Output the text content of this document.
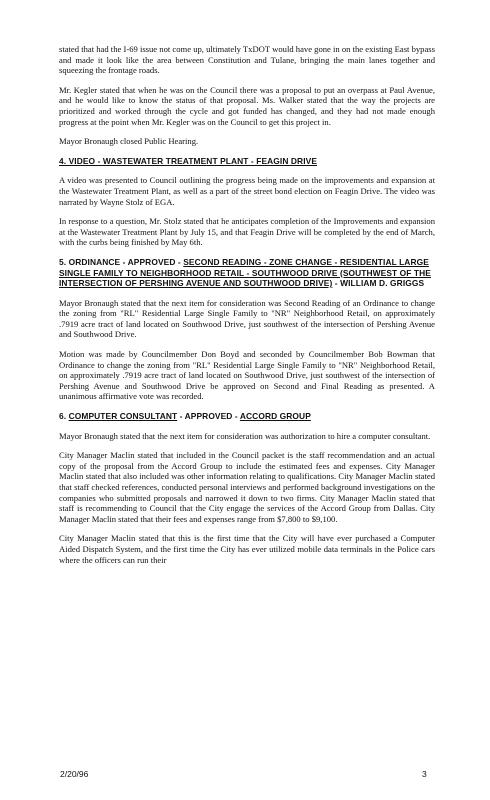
stated that had the I-69 issue not come up, ultimately TxDOT would have gone in on the existing East bypass and made it look like the area between Constitution and Tulane, bringing the main lanes together and squeezing the frontage roads.

Mr. Kegler stated that when he was on the Council there was a proposal to put an overpass at Paul Avenue, and he would like to know the status of that proposal. Ms. Walker stated that the way the projects are prioritized and worked through the cycle and got funded has changed, and they had not made enough progress at the point when Mr. Kegler was on the Council to get this project in.

Mayor Bronaugh closed Public Hearing.

4. VIDEO - WASTEWATER TREATMENT PLANT - FEAGIN DRIVE

A video was presented to Council outlining the progress being made on the improvements and expansion at the Wastewater Treatment Plant, as well as a part of the street bond election on Feagin Drive. The video was narrated by Wayne Stolz of EGA.

In response to a question, Mr. Stolz stated that he anticipates completion of the Improvements and expansion at the Wastewater Treatment Plant by July 15, and that Feagin Drive will be completed by the end of March, with the curbs being finished by May 6th.

5. ORDINANCE - APPROVED - SECOND READING - ZONE CHANGE - RESIDENTIAL LARGE SINGLE FAMILY TO NEIGHBORHOOD RETAIL - SOUTHWOOD DRIVE (SOUTHWEST OF THE INTERSECTION OF PERSHING AVENUE AND SOUTHWOOD DRIVE) - WILLIAM D. GRIGGS

Mayor Bronaugh stated that the next item for consideration was Second Reading of an Ordinance to change the zoning from "RL" Residential Large Single Family to "NR" Neighborhood Retail, on approximately .7919 acre tract of land located on Southwood Drive, just southwest of the intersection of Pershing Avenue and Southwood Drive.

Motion was made by Councilmember Don Boyd and seconded by Councilmember Bob Bowman that Ordinance to change the zoning from "RL" Residential Large Single Family to "NR" Neighborhood Retail, on approximately .7919 acre tract of land located on Southwood Drive, just southwest of the intersection of Pershing Avenue and Southwood Drive be approved on Second and Final Reading as presented. A unanimous affirmative vote was recorded.

6. COMPUTER CONSULTANT - APPROVED - ACCORD GROUP

Mayor Bronaugh stated that the next item for consideration was authorization to hire a computer consultant.

City Manager Maclin stated that included in the Council packet is the staff recommendation and an actual copy of the proposal from the Accord Group to include the estimated fees and expenses. City Manager Maclin stated that also included was other information relating to qualifications. City Manager Maclin stated that staff checked references, conducted personal interviews and performed background investigations on the companies who submitted proposals and narrowed it down to two firms. City Manager Maclin stated that staff is recommending to Council that the City engage the services of the Accord Group from Dallas. City Manager Maclin stated that their fees and expenses range from $7,800 to $9,100.

City Manager Maclin stated that this is the first time that the City will have ever purchased a Computer Aided Dispatch System, and the first time the City has ever utilized mobile data terminals in the Police cars where the officers can run their

2/20/96	3
